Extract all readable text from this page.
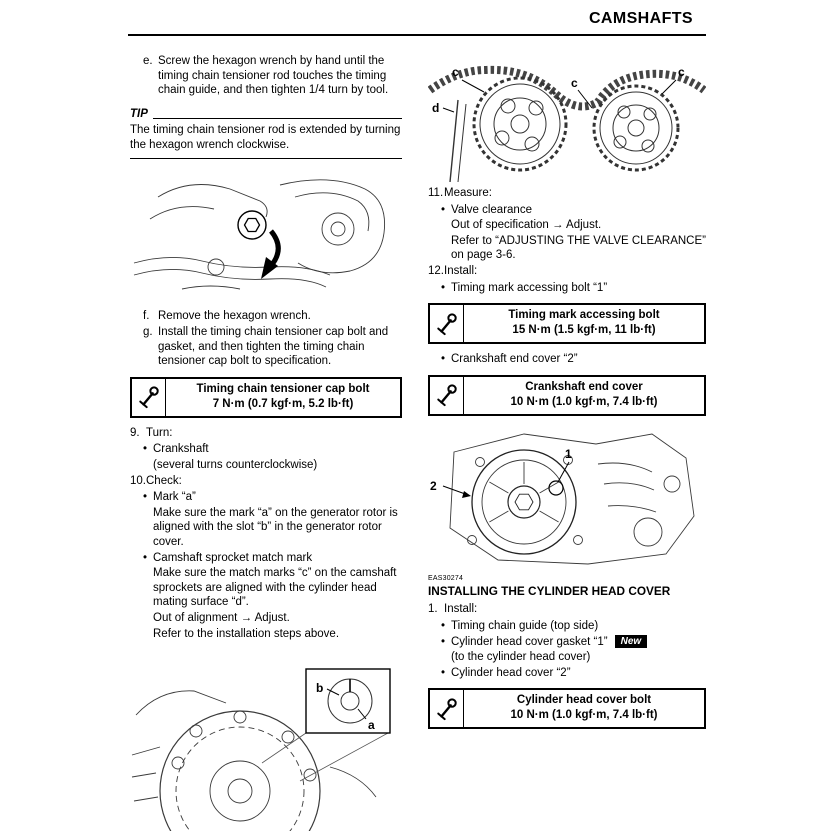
CAMSHAFTS
e. Screw the hexagon wrench by hand until the timing chain tensioner rod touches the timing chain guide, and then tighten 1/4 turn by tool.
TIP
The timing chain tensioner rod is extended by turning the hexagon wrench clockwise.
f. Remove the hexagon wrench.
g. Install the timing chain tensioner cap bolt and gasket, and then tighten the timing chain tensioner cap bolt to specification.
Timing chain tensioner cap bolt
7 N·m (0.7 kgf·m, 5.2 lb·ft)
9. Turn:
• Crankshaft
(several turns counterclockwise)
10. Check:
• Mark “a”
Make sure the mark “a” on the generator rotor is aligned with the slot “b” in the generator rotor cover.
• Camshaft sprocket match mark
Make sure the match marks “c” on the camshaft sprockets are aligned with the cylinder head mating surface “d”.
Out of alignment → Adjust.
Refer to the installation steps above.
b
a
c
c
c
d
11. Measure:
• Valve clearance
Out of specification → Adjust.
Refer to “ADJUSTING THE VALVE CLEARANCE” on page 3-6.
12. Install:
• Timing mark accessing bolt “1”
Timing mark accessing bolt
15 N·m (1.5 kgf·m, 11 lb·ft)
• Crankshaft end cover “2”
Crankshaft end cover
10 N·m (1.0 kgf·m, 7.4 lb·ft)
2
1
EAS30274
INSTALLING THE CYLINDER HEAD COVER
1. Install:
• Timing chain guide (top side)
• Cylinder head cover gasket “1” New
(to the cylinder head cover)
• Cylinder head cover “2”
Cylinder head cover bolt
10 N·m (1.0 kgf·m, 7.4 lb·ft)
